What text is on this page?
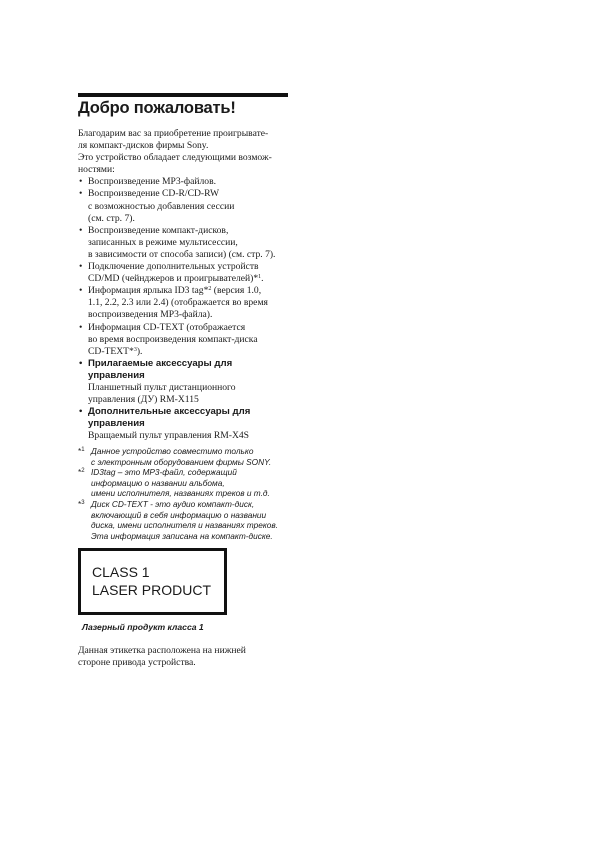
Добро пожаловать!

Благодарим вас за приобретение проигрывате-

ля компакт-дисков фирмы Sony.

Это устройство обладает следующими возмож-

ностями:

• Воспроизведение MP3-файлов.
• Воспроизведение CD-R/CD-RW
с возможностью добавления сессии
(см. стр. 7).
• Воспроизведение компакт-дисков,
записанных в режиме мультисессии,
в зависимости от способа записи) (см. стр. 7).
• Подключение дополнительных устройств
CD/MD (чейнджеров и проигрывателей)*$^1$.
• Информация ярлыка ID3 tag*$^2$ (версия 1.0,
1.1, 2.2, 2.3 или 2.4) (отображается во время
воспроизведения MP3-файла).
• Информация CD-TEXT (отображается
во время воспроизведения компакт-диска
CD-TEXT*$^3$).
• Прилагаемые аксессуары для
управления
Планшетный пульт дистанционного
управления (ДУ) RM-X115
• Дополнительные аксессуары для
управления
Вращаемый пульт управления RM-X4S
*$^1$ Данное устройство совместимо только
с электронным оборудованием фирмы SONY.
*$^2$ ID3tag – это MP3-файл, содержащий
информацию о названии альбома,
имени исполнителя, названиях треков и т.д.
*$^3$ Диск CD-TEXT - это аудио компакт-диск,
включающий в себя информацию о названии
диска, имени исполнителя и названиях треков.
Эта информация записана на компакт-диске.
CLASS 1
LASER PRODUCT
Лазерный продукт класса 1
Данная этикетка расположена на нижней
стороне привода устройства.
